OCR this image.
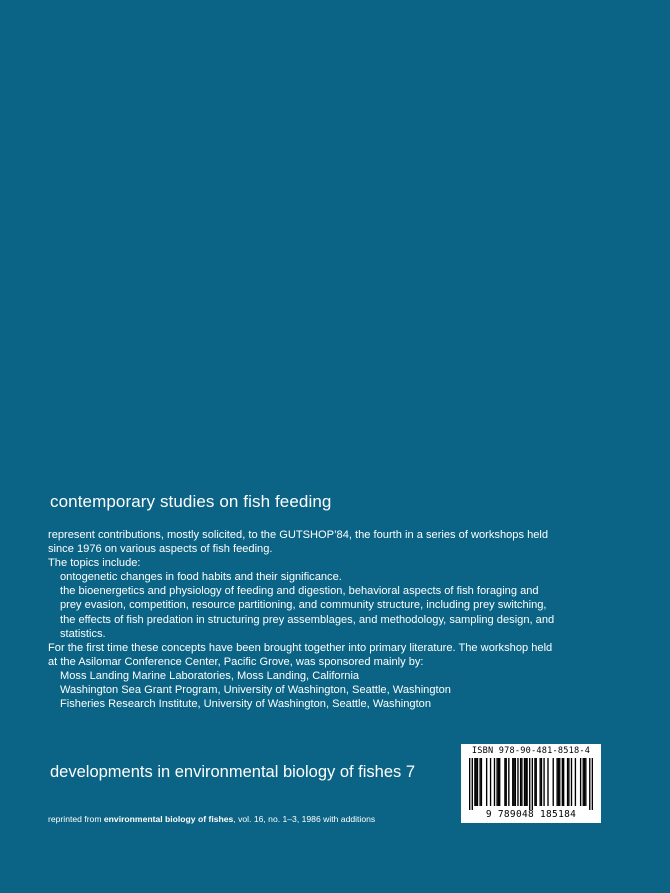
contemporary studies on fish feeding
represent contributions, mostly solicited, to the GUTSHOP’84, the fourth in a series of workshops held
since 1976 on various aspects of fish feeding.
The topics include:
ontogenetic changes in food habits and their significance.
the bioenergetics and physiology of feeding and digestion, behavioral aspects of fish foraging and
prey evasion, competition, resource partitioning, and community structure, including prey switching,
the effects of fish predation in structuring prey assemblages, and methodology, sampling design, and
statistics.
For the first time these concepts have been brought together into primary literature. The workshop held
at the Asilomar Conference Center, Pacific Grove, was sponsored mainly by:
Moss Landing Marine Laboratories, Moss Landing, California
Washington Sea Grant Program, University of Washington, Seattle, Washington
Fisheries Research Institute, University of Washington, Seattle, Washington
developments in environmental biology of fishes 7
reprinted from environmental biology of fishes, vol. 16, no. 1–3, 1986 with additions
ISBN 978-90-481-8518-4
9 789048 185184
